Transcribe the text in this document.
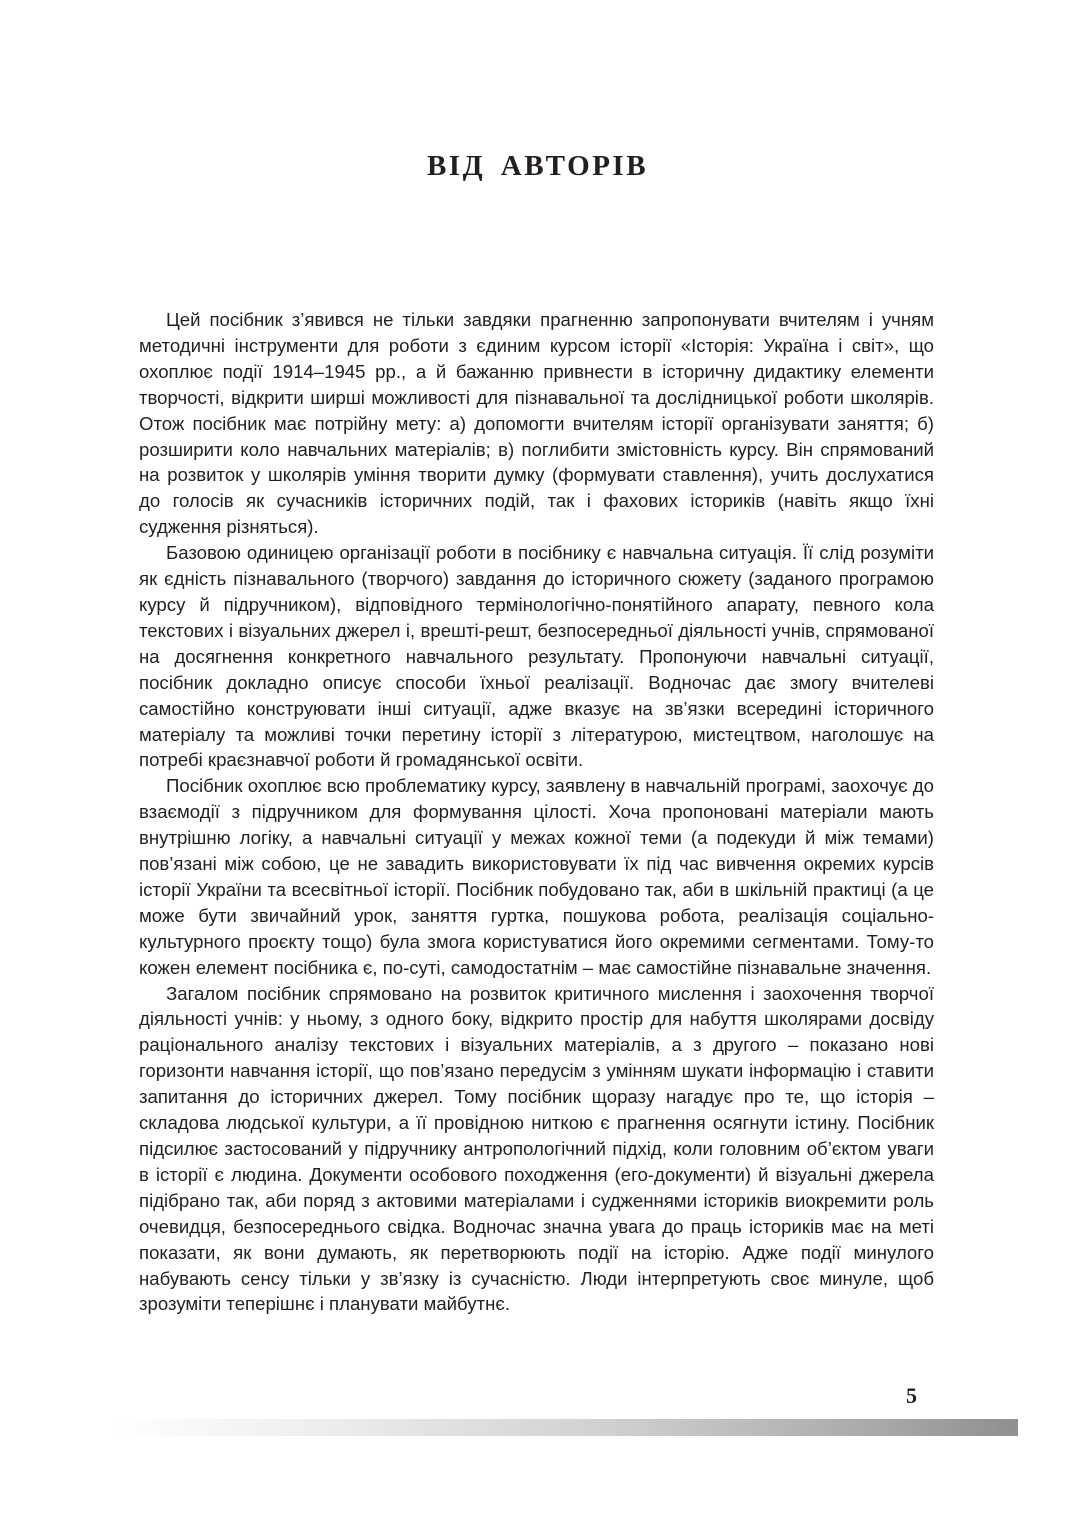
ВІД АВТОРІВ

Цей посібник з’явився не тільки завдяки прагненню запропонувати вчителям і учням методичні інструменти для роботи з єдиним курсом історії «Історія: Україна і світ», що охоплює події 1914–1945 рр., а й бажанню привнести в історичну дидактику елементи творчості, відкрити ширші можливості для пізнавальної та дослідницької роботи школярів. Отож посібник має потрійну мету: а) допомогти вчителям історії організувати заняття; б) розширити коло навчальних матеріалів; в) поглибити змістовність курсу. Він спрямований на розвиток у школярів уміння творити думку (формувати ставлення), учить дослухатися до голосів як сучасників історичних подій, так і фахових істориків (навіть якщо їхні судження різняться).

Базовою одиницею організації роботи в посібнику є навчальна ситуація. Її слід розуміти як єдність пізнавального (творчого) завдання до історичного сюжету (заданого програмою курсу й підручником), відповідного термінологічно-понятійного апарату, певного кола текстових і візуальних джерел і, врешті-решт, безпосередньої діяльності учнів, спрямованої на досягнення конкретного навчального результату. Пропонуючи навчальні ситуації, посібник докладно описує способи їхньої реалізації. Водночас дає змогу вчителеві самостійно конструювати інші ситуації, адже вказує на зв’язки всередині історичного матеріалу та можливі точки перетину історії з літературою, мистецтвом, наголошує на потребі краєзнавчої роботи й громадянської освіти.

Посібник охоплює всю проблематику курсу, заявлену в навчальній програмі, заохочує до взаємодії з підручником для формування цілості. Хоча пропоновані матеріали мають внутрішню логіку, а навчальні ситуації у межах кожної теми (а подекуди й між темами) пов’язані між собою, це не завадить використовувати їх під час вивчення окремих курсів історії України та всесвітньої історії. Посібник побудовано так, аби в шкільній практиці (а це може бути звичайний урок, заняття гуртка, пошукова робота, реалізація соціально-культурного проєкту тощо) була змога користуватися його окремими сегментами. Тому-то кожен елемент посібника є, по-суті, самодостатнім – має самостійне пізнавальне значення.

Загалом посібник спрямовано на розвиток критичного мислення і заохочення творчої діяльності учнів: у ньому, з одного боку, відкрито простір для набуття школярами досвіду раціонального аналізу текстових і візуальних матеріалів, а з другого – показано нові горизонти навчання історії, що пов’язано передусім з умінням шукати інформацію і ставити запитання до історичних джерел. Тому посібник щоразу нагадує про те, що історія – складова людської культури, а її провідною ниткою є прагнення осягнути істину. Посібник підсилює застосований у підручнику антропологічний підхід, коли головним об’єктом уваги в історії є людина. Документи особового походження (его-документи) й візуальні джерела підібрано так, аби поряд з актовими матеріалами і судженнями істориків виокремити роль очевидця, безпосереднього свідка. Водночас значна увага до праць істориків має на меті показати, як вони думають, як перетворюють події на історію. Адже події минулого набувають сенсу тільки у зв’язку із сучасністю. Люди інтерпретують своє минуле, щоб зрозуміти теперішнє і планувати майбутнє.

5
